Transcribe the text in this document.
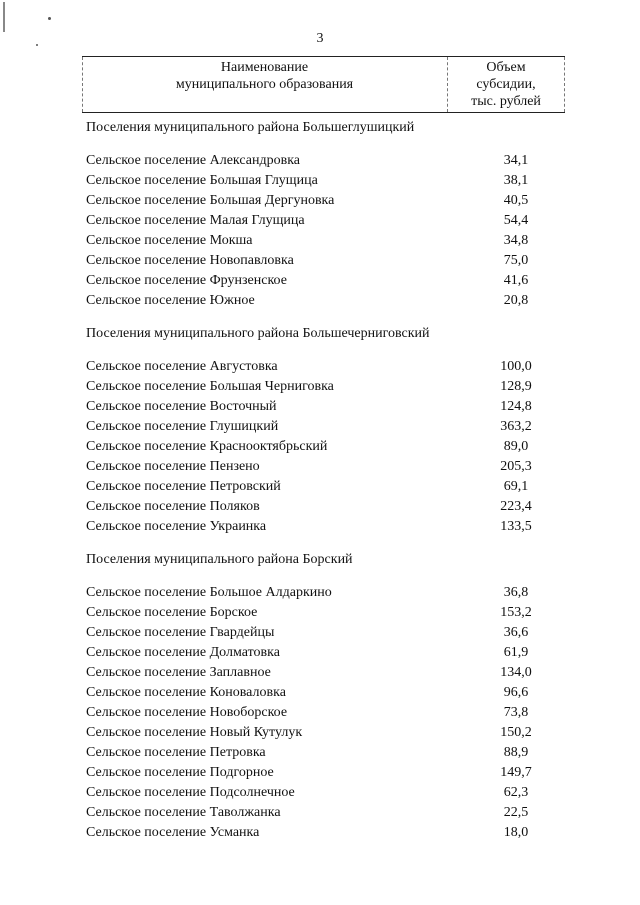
3
Наименование
муниципального образования
Объем
субсидии,
тыс. рублей
Поселения муниципального района Большеглушицкий
Сельское поселение Александровка	34,1
Сельское поселение Большая Глущица	38,1
Сельское поселение Большая Дергуновка	40,5
Сельское поселение Малая Глущица	54,4
Сельское поселение Мокша	34,8
Сельское поселение Новопавловка	75,0
Сельское поселение Фрунзенское	41,6
Сельское поселение Южное	20,8
Поселения муниципального района Большечерниговский
Сельское поселение Августовка	100,0
Сельское поселение Большая Черниговка	128,9
Сельское поселение Восточный	124,8
Сельское поселение Глушицкий	363,2
Сельское поселение Краснооктябрьский	89,0
Сельское поселение Пензено	205,3
Сельское поселение Петровский	69,1
Сельское поселение Поляков	223,4
Сельское поселение Украинка	133,5
Поселения муниципального района Борский
Сельское поселение Большое Алдаркино	36,8
Сельское поселение Борское	153,2
Сельское поселение Гвардейцы	36,6
Сельское поселение Долматовка	61,9
Сельское поселение Заплавное	134,0
Сельское поселение Коноваловка	96,6
Сельское поселение Новоборское	73,8
Сельское поселение Новый Кутулук	150,2
Сельское поселение Петровка	88,9
Сельское поселение Подгорное	149,7
Сельское поселение Подсолнечное	62,3
Сельское поселение Таволжанка	22,5
Сельское поселение Усманка	18,0
